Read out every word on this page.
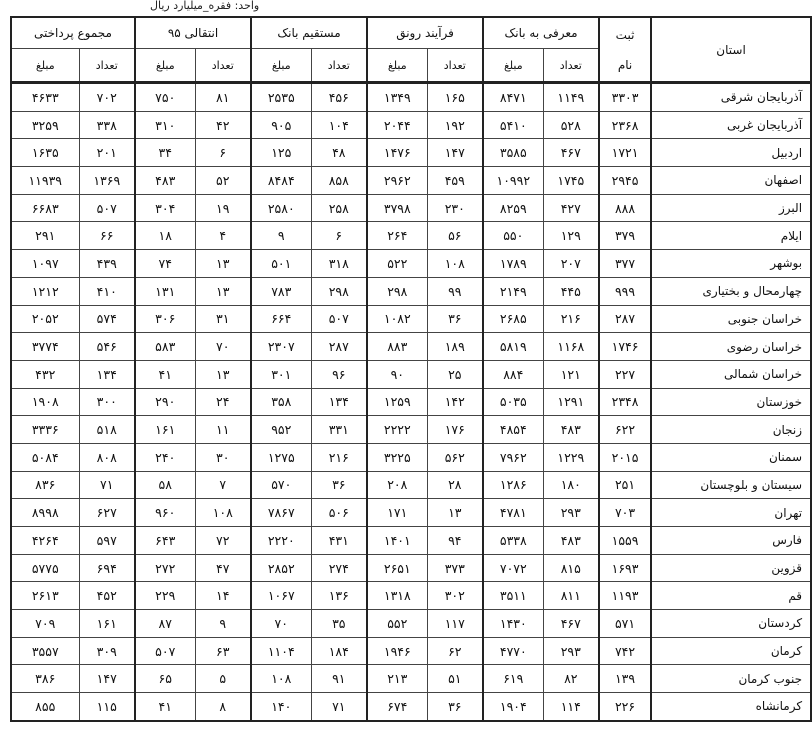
واحد: فقره_میلیارد ریال
استان	ثبت
نام	معرفی به بانک		فرآیند رونق		مستقیم بانک		انتقالی ۹۵		مجموع پرداختی	
		تعداد	مبلغ	تعداد	مبلغ	تعداد	مبلغ	تعداد	مبلغ	تعداد	مبلغ
آذربایجان شرقی	۳۳۰۳	۱۱۴۹	۸۴۷۱	۱۶۵	۱۳۴۹	۴۵۶	۲۵۳۵	۸۱	۷۵۰	۷۰۲	۴۶۳۳
آذربایجان غربی	۲۳۶۸	۵۲۸	۵۴۱۰	۱۹۲	۲۰۴۴	۱۰۴	۹۰۵	۴۲	۳۱۰	۳۳۸	۳۲۵۹
اردبیل	۱۷۲۱	۴۶۷	۳۵۸۵	۱۴۷	۱۴۷۶	۴۸	۱۲۵	۶	۳۴	۲۰۱	۱۶۳۵
اصفهان	۲۹۴۵	۱۷۴۵	۱۰۹۹۲	۴۵۹	۲۹۶۲	۸۵۸	۸۴۸۴	۵۲	۴۸۳	۱۳۶۹	۱۱۹۳۹
البرز	۸۸۸	۴۲۷	۸۲۵۹	۲۳۰	۳۷۹۸	۲۵۸	۲۵۸۰	۱۹	۳۰۴	۵۰۷	۶۶۸۳
ایلام	۳۷۹	۱۲۹	۵۵۰	۵۶	۲۶۴	۶	۹	۴	۱۸	۶۶	۲۹۱
بوشهر	۳۷۷	۲۰۷	۱۷۸۹	۱۰۸	۵۲۲	۳۱۸	۵۰۱	۱۳	۷۴	۴۳۹	۱۰۹۷
چهارمحال و بختیاری	۹۹۹	۴۴۵	۲۱۴۹	۹۹	۲۹۸	۲۹۸	۷۸۳	۱۳	۱۳۱	۴۱۰	۱۲۱۲
خراسان جنوبی	۲۸۷	۲۱۶	۲۶۸۵	۳۶	۱۰۸۲	۵۰۷	۶۶۴	۳۱	۳۰۶	۵۷۴	۲۰۵۲
خراسان رضوی	۱۷۴۶	۱۱۶۸	۵۸۱۹	۱۸۹	۸۸۳	۲۸۷	۲۳۰۷	۷۰	۵۸۳	۵۴۶	۳۷۷۴
خراسان شمالی	۲۲۷	۱۲۱	۸۸۴	۲۵	۹۰	۹۶	۳۰۱	۱۳	۴۱	۱۳۴	۴۳۲
خوزستان	۲۳۴۸	۱۲۹۱	۵۰۳۵	۱۴۲	۱۲۵۹	۱۳۴	۳۵۸	۲۴	۲۹۰	۳۰۰	۱۹۰۸
زنجان	۶۲۲	۴۸۳	۴۸۵۴	۱۷۶	۲۲۲۲	۳۳۱	۹۵۲	۱۱	۱۶۱	۵۱۸	۳۳۳۶
سمنان	۲۰۱۵	۱۲۲۹	۷۹۶۲	۵۶۲	۳۲۲۵	۲۱۶	۱۲۷۵	۳۰	۲۴۰	۸۰۸	۵۰۸۴
سیستان و بلوچستان	۲۵۱	۱۸۰	۱۲۸۶	۲۸	۲۰۸	۳۶	۵۷۰	۷	۵۸	۷۱	۸۳۶
تهران	۷۰۳	۲۹۳	۴۷۸۱	۱۳	۱۷۱	۵۰۶	۷۸۶۷	۱۰۸	۹۶۰	۶۲۷	۸۹۹۸
فارس	۱۵۵۹	۴۸۳	۵۳۳۸	۹۴	۱۴۰۱	۴۳۱	۲۲۲۰	۷۲	۶۴۳	۵۹۷	۴۲۶۴
قزوین	۱۶۹۳	۸۱۵	۷۰۷۲	۳۷۳	۲۶۵۱	۲۷۴	۲۸۵۲	۴۷	۲۷۲	۶۹۴	۵۷۷۵
قم	۱۱۹۳	۸۱۱	۳۵۱۱	۳۰۲	۱۳۱۸	۱۳۶	۱۰۶۷	۱۴	۲۲۹	۴۵۲	۲۶۱۳
کردستان	۵۷۱	۴۶۷	۱۴۳۰	۱۱۷	۵۵۲	۳۵	۷۰	۹	۸۷	۱۶۱	۷۰۹
کرمان	۷۴۲	۲۹۳	۴۷۷۰	۶۲	۱۹۴۶	۱۸۴	۱۱۰۴	۶۳	۵۰۷	۳۰۹	۳۵۵۷
جنوب کرمان	۱۳۹	۸۲	۶۱۹	۵۱	۲۱۳	۹۱	۱۰۸	۵	۶۵	۱۴۷	۳۸۶
کرمانشاه	۲۲۶	۱۱۴	۱۹۰۴	۳۶	۶۷۴	۷۱	۱۴۰	۸	۴۱	۱۱۵	۸۵۵
